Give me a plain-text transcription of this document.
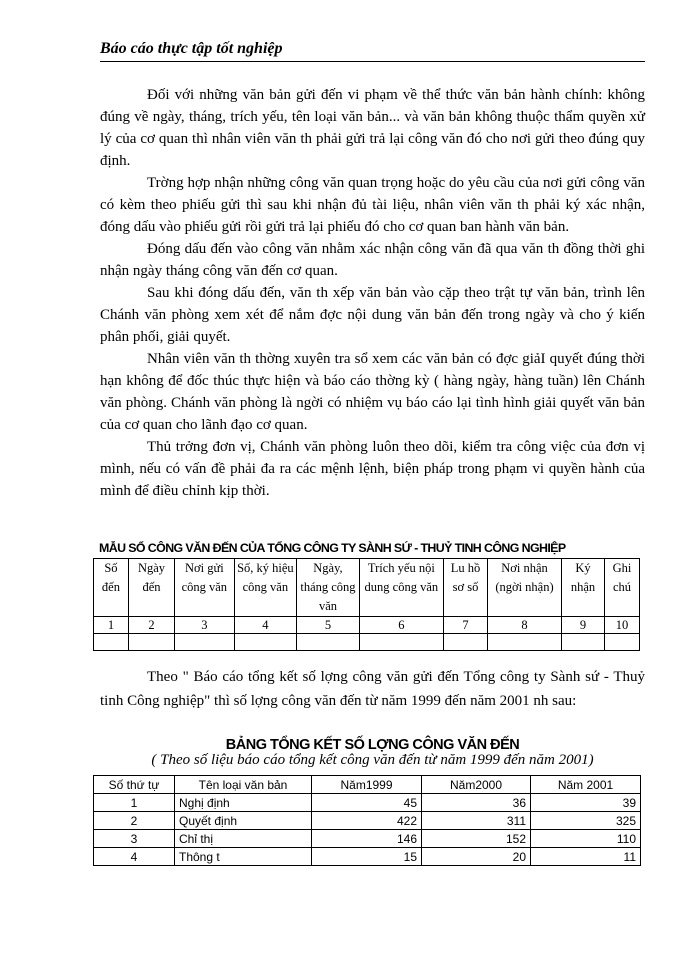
Báo cáo thực tập tốt nghiệp

Đối với những văn bản gửi đến vi phạm về thể thức văn bản hành chính: không đúng về ngày, tháng, trích yếu, tên loại văn bản... và văn bản không thuộc thẩm quyền xử lý của cơ quan thì nhân viên văn th phải gửi trả lại công văn đó cho nơi gửi theo đúng quy định.

Trờng hợp nhận những công văn quan trọng hoặc do yêu cầu của nơi gửi công văn có kèm theo phiếu gửi thì sau khi nhận đủ tài liệu, nhân viên văn th phải ký xác nhận, đóng dấu vào phiếu gửi rồi gửi trả lại phiếu đó cho cơ quan ban hành văn bản.

Đóng dấu đến vào công văn nhằm xác nhận công văn đã qua văn th đồng thời ghi nhận ngày tháng công văn đến cơ quan.

Sau khi đóng dấu đến, văn th xếp văn bản vào cặp theo trật tự văn bản, trình lên Chánh văn phòng xem xét để nắm đợc nội dung văn bản đến trong ngày và cho ý kiến phân phối, giải quyết.

Nhân viên văn th thờng xuyên tra sổ xem các văn bản có đợc giảI quyết đúng thời hạn không để đốc thúc thực hiện và báo cáo thờng kỳ ( hàng ngày, hàng tuần) lên Chánh văn phòng. Chánh văn phòng là ngời có nhiệm vụ báo cáo lại tình hình giải quyết văn bản của cơ quan cho lãnh đạo cơ quan.

Thủ trởng đơn vị, Chánh văn phòng luôn theo dõi, kiểm tra công việc của đơn vị mình, nếu có vấn đề phải đa ra các mệnh lệnh, biện pháp trong phạm vi quyền hành của mình để điều chỉnh kịp thời.

MẪU SỔ CÔNG VĂN ĐẾN CỦA TỔNG CÔNG TY SÀNH SỨ - THUỶ TINH CÔNG NGHIỆP
Số đến	Ngày đến	Nơi gửi công văn	Số, ký hiệu công văn	Ngày, tháng công văn	Trích yếu nội dung công văn	Lu hồ sơ số	Nơi nhận (ngời nhận)	Ký nhận	Ghi chú
1	2	3	4	5	6	7	8	9	10

Theo " Báo cáo tổng kết số lợng công văn gửi đến Tổng công ty Sành sứ - Thuỷ tinh Công nghiệp" thì số lợng công văn đến từ năm 1999 đến năm 2001 nh sau:

BẢNG TỔNG KẾT SỐ LỢNG CÔNG VĂN ĐẾN
( Theo số liệu báo cáo tổng kết công văn đến từ năm 1999 đến năm 2001)
Số thứ tự	Tên loại văn bản	Năm1999	Năm2000	Năm 2001
1	Nghị định	45	36	39
2	Quyết định	422	311	325
3	Chỉ thị	146	152	110
4	Thông t	15	20	11
